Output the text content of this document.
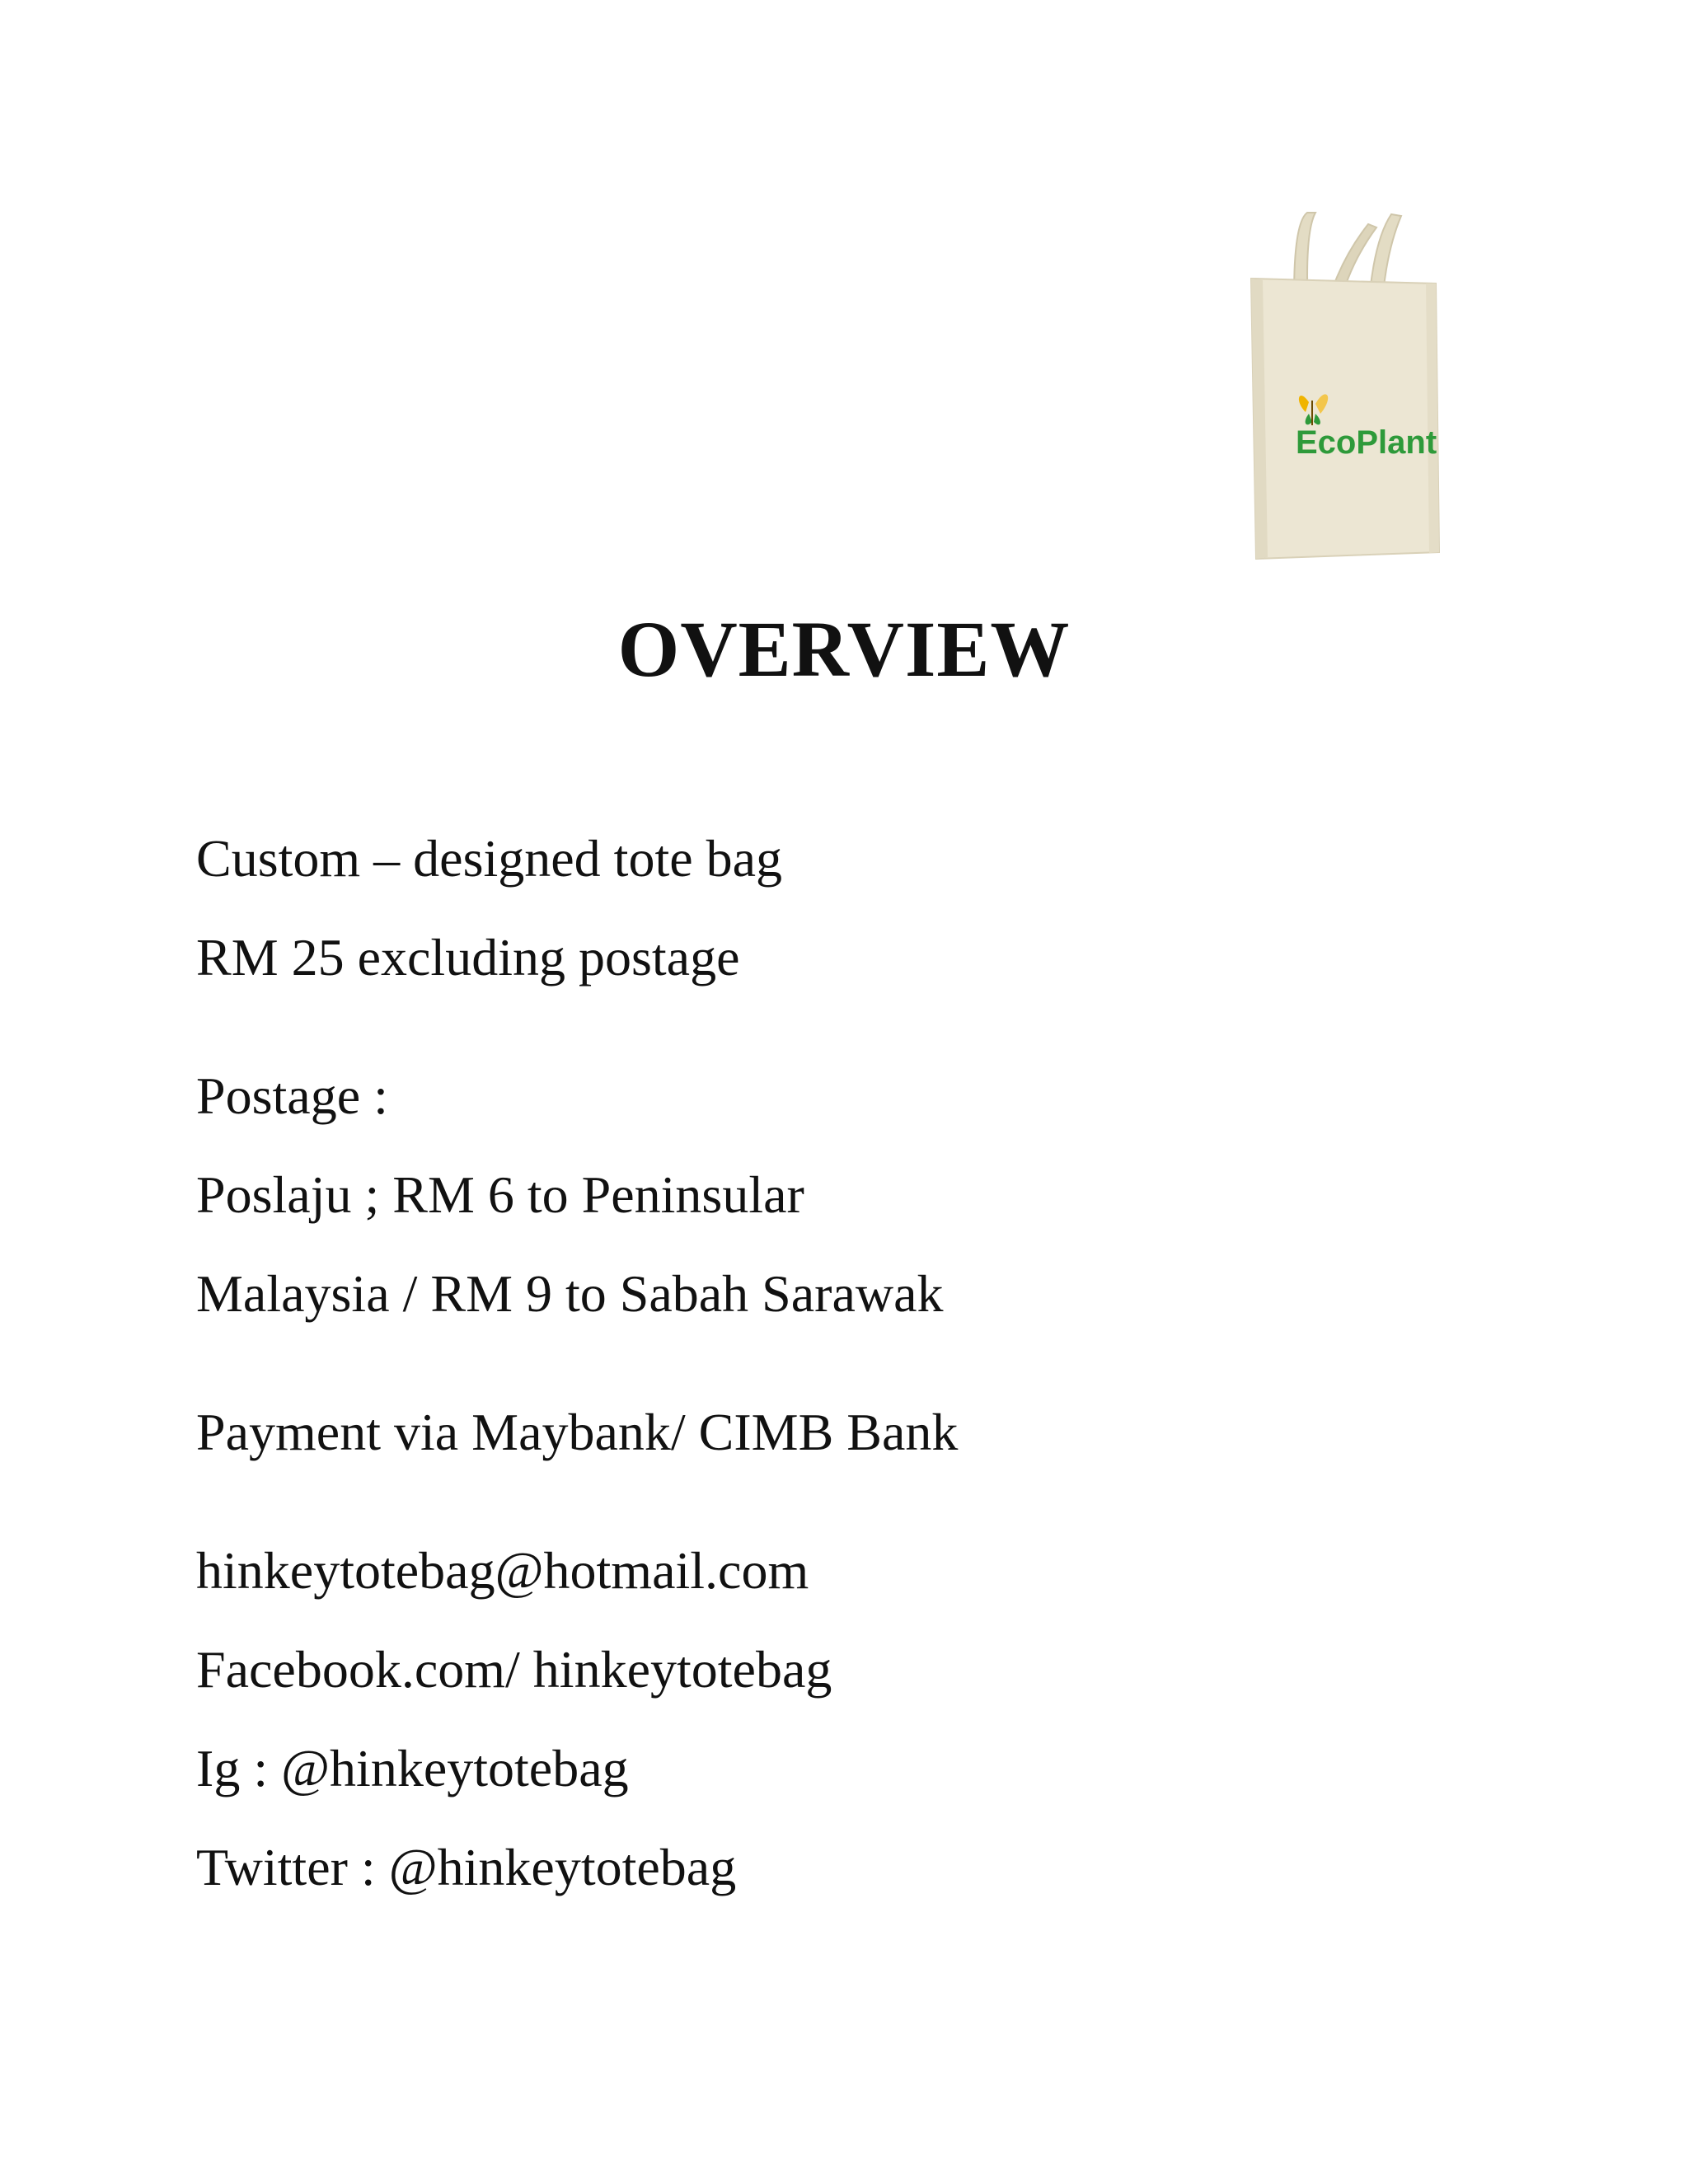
EcoPlant
OVERVIEW
Custom – designed tote bag
RM 25 excluding postage
Postage :
Poslaju ; RM 6 to Peninsular
Malaysia / RM 9 to Sabah Sarawak
Payment via Maybank/ CIMB Bank
hinkeytotebag@hotmail.com
Facebook.com/ hinkeytotebag
Ig : @hinkeytotebag
Twitter : @hinkeytotebag
